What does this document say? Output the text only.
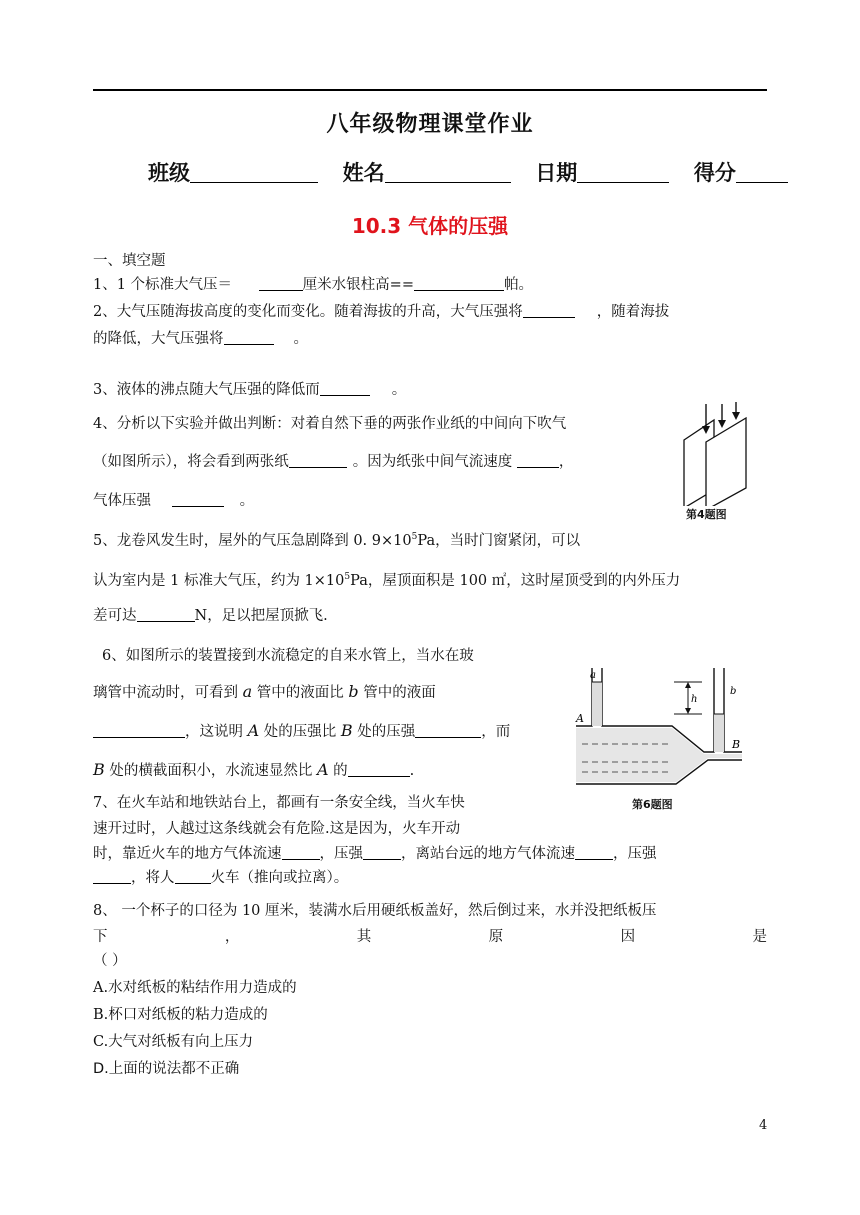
八年级物理课堂作业
班级	姓名	日期	得分
10.3 气体的压强
一、填空题
1、1 个标准大气压＝	厘米水银柱高==	帕。
2、大气压随海拔高度的变化而变化。随着海拔的升高，大气压强将	，随着海拔
的降低，大气压强将	。
3、液体的沸点随大气压强的降低而	。
4、分析以下实验并做出判断：对着自然下垂的两张作业纸的中间向下吹气
（如图所示），将会看到两张纸	。因为纸张中间气流速度	，
气体压强	。
第4题图
5、龙卷风发生时，屋外的气压急剧降到 0. $9\times 10^5Pa$，当时门窗紧闭，可以
认为室内是 1 标准大气压，约为 $1\times 10^5Pa$，屋顶面积是 100 ㎡，这时屋顶受到的内外压力
差可达	N，足以把屋顶掀飞.
6、如图所示的装置接到水流稳定的自来水管上，当水在玻
璃管中流动时，可看到 a 管中的液面比 b 管中的液面
，这说明 A 处的压强比 B 处的压强	，而
B 处的横截面积小，水流速显然比 A 的	.
a
b
h
A
B
第6题图
7、在火车站和地铁站台上，都画有一条安全线，当火车快
速开过时，人越过这条线就会有危险.这是因为，火车开动
时，靠近火车的地方气体流速	，压强	，离站台远的地方气体流速	，压强
，将人 火车（推向或拉离）。
8、 一个杯子的口径为 10 厘米，装满水后用硬纸板盖好，然后倒过来，水并没把纸板压
下	，	其	原	因	是
（ ）
A.水对纸板的粘结作用力造成的
B.杯口对纸板的粘力造成的
C.大气对纸板有向上压力
D.上面的说法都不正确
4
